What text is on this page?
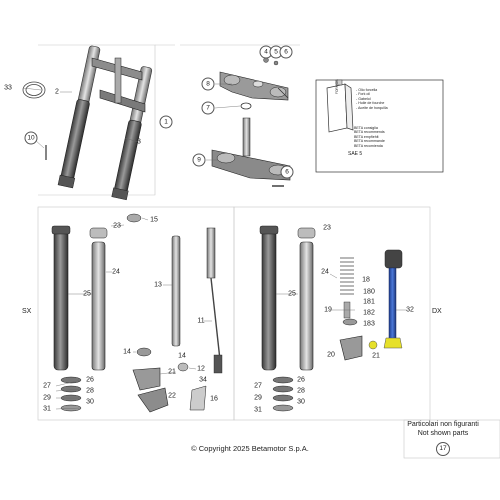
FORK OIL
1
2
3
4 5 6
6
7
8
9
10
11
12
13
14
14
15
16
18
180
181
182
183
19
20
21
21
22
23	23
24	24
25	25
26	26
27	27
28	28
29	29
30	30
31	31
32
33
34
SX	DX
- Olio forcella
- Fork oil
- Gabelol
- Huile de fourche
- Aceite de horquilla
BETA consiglia
BETA recommends
BETA empfiehlt
BETA recommande
BETA recomienda
SAE 5
Particolari non figuranti
Not shown parts
17
© Copyright 2025 Betamotor S.p.A.
